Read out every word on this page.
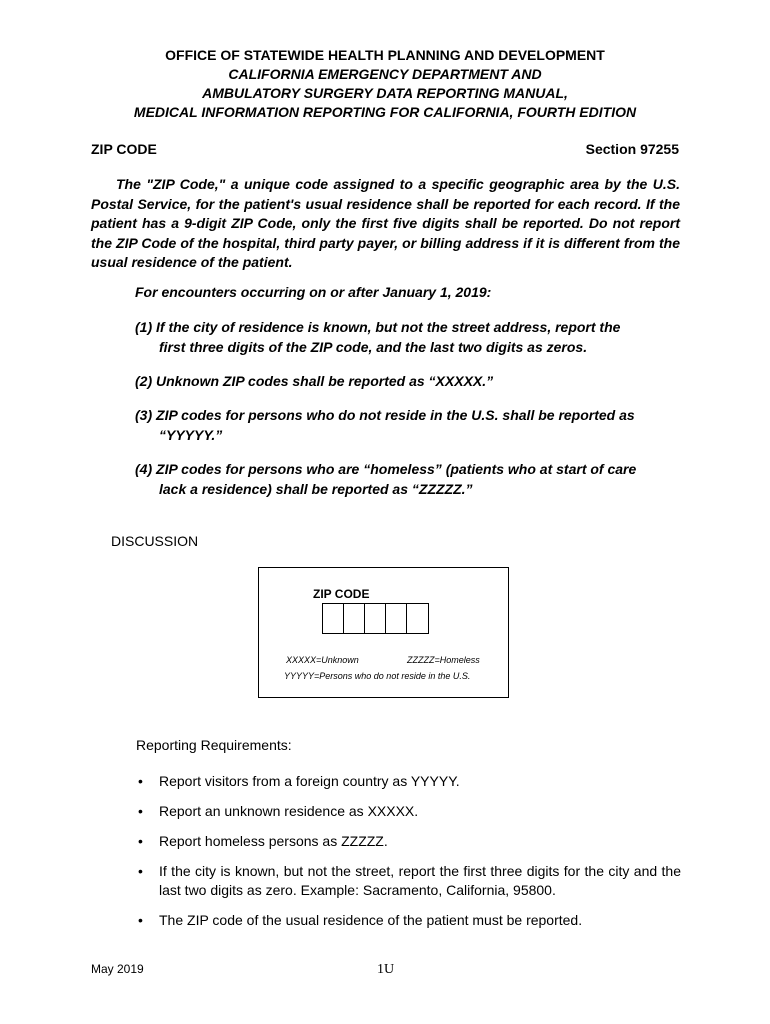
OFFICE OF STATEWIDE HEALTH PLANNING AND DEVELOPMENT
CALIFORNIA EMERGENCY DEPARTMENT AND
AMBULATORY SURGERY DATA REPORTING MANUAL,
MEDICAL INFORMATION REPORTING FOR CALIFORNIA, FOURTH EDITION
ZIP CODE	Section 97255

The "ZIP Code," a unique code assigned to a specific geographic area by the U.S. Postal Service, for the patient's usual residence shall be reported for each record. If the patient has a 9-digit ZIP Code, only the first five digits shall be reported. Do not report the ZIP Code of the hospital, third party payer, or billing address if it is different from the usual residence of the patient.

For encounters occurring on or after January 1, 2019:

(1) If the city of residence is known, but not the street address, report the
first three digits of the ZIP code, and the last two digits as zeros.

(2) Unknown ZIP codes shall be reported as “XXXXX.”

(3) ZIP codes for persons who do not reside in the U.S. shall be reported as
“YYYYY.”

(4) ZIP codes for persons who are “homeless” (patients who at start of care
lack a residence) shall be reported as “ZZZZZ.”

DISCUSSION
ZIP CODE
XXXXX=Unknown	ZZZZZ=Homeless
YYYYY=Persons who do not reside in the U.S.
Reporting Requirements:
• Report visitors from a foreign country as YYYYY.
• Report an unknown residence as XXXXX.
• Report homeless persons as ZZZZZ.
• If the city is known, but not the street, report the first three digits for the city and the last two digits as zero. Example: Sacramento, California, 95800.
• The ZIP code of the usual residence of the patient must be reported.
May 2019	1U
